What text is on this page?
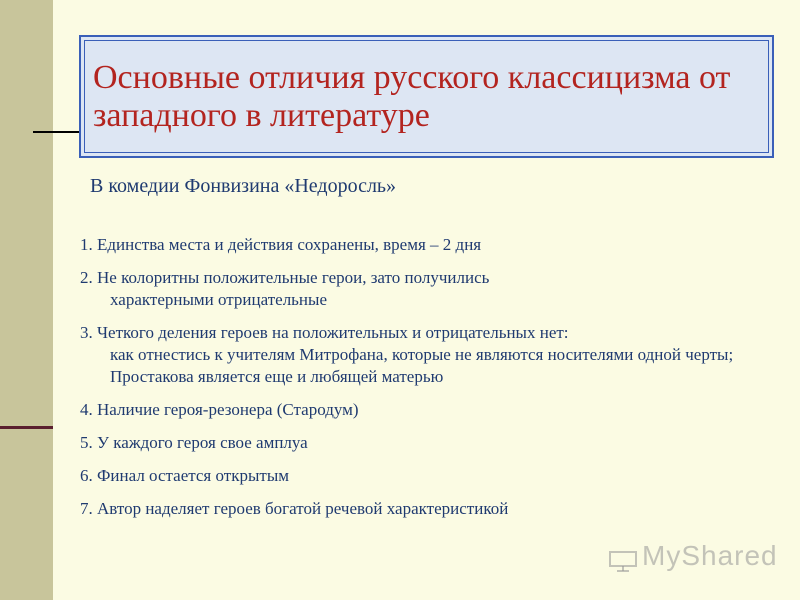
Основные отличия русского классицизма от западного в литературе
В комедии Фонвизина «Недоросль»
1. Единства места и действия сохранены, время – 2 дня
2. Не колоритны положительные герои, зато получились
характерными отрицательные
3. Четкого деления героев на положительных и отрицательных нет:
как отнестись к учителям Митрофана, которые не являются носителями одной черты; Простакова является еще и любящей матерью
4. Наличие героя-резонера (Стародум)
5. У каждого героя свое амплуа
6. Финал остается открытым
7. Автор наделяет героев богатой речевой характеристикой
MyShared
